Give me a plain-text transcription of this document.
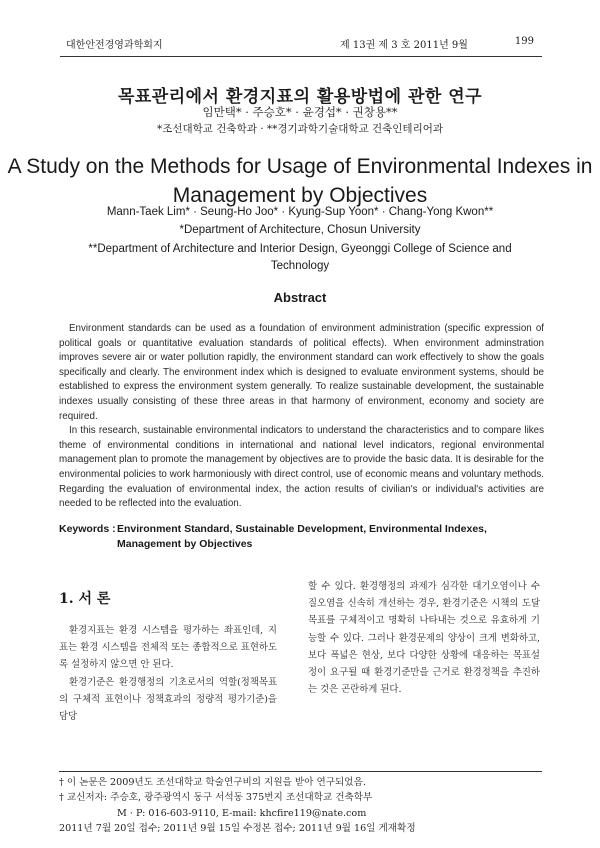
대한안전경영과학회지	제 13권 제 3 호 2011년 9월	199
목표관리에서 환경지표의 활용방법에 관한 연구
임만택* · 주승호* · 윤경섭* · 권창용**
*조선대학교 건축학과 · **경기과학기술대학교 건축인테리어과
A Study on the Methods for Usage of Environmental Indexes in
Management by Objectives
Mann-Taek Lim* · Seung-Ho Joo* · Kyung-Sup Yoon* · Chang-Yong Kwon**
*Department of Architecture, Chosun University
**Department of Architecture and Interior Design, Gyeonggi College of Science and Technology
Abstract

Environment standards can be used as a foundation of environment administration (specific expression of political goals or quantitative evaluation standards of political effects). When environment adminstration improves severe air or water pollution rapidly, the environment standard can work effectively to show the goals specifically and clearly. The environment index which is designed to evaluate environment systems, should be established to express the environment system generally. To realize sustainable development, the sustainable indexes usually consisting of these three areas in that harmony of environment, economy and society are required.

In this research, sustainable environmental indicators to understand the characteristics and to compare likes theme of environmental conditions in international and national level indicators, regional environmental management plan to promote the management by objectives are to provide the basic data. It is desirable for the environmental policies to work harmoniously with direct control, use of economic means and voluntary methods. Regarding the evaluation of environmental index, the action results of civilian's or individual's activities are needed to be reflected into the evaluation.

Keywords : Environment Standard, Sustainable Development, Environmental Indexes, Management by Objectives
1. 서 론

환경지표는 환경 시스템을 평가하는 좌표인데, 지표는 환경 시스템을 전체적 또는 종합적으로 표현하도록 설정하지 않으면 안 된다.

환경기준은 환경행정의 기초로서의 역할(정책목표의 구체적 표현이나 정책효과의 정량적 평가기준)을 담당

할 수 있다. 환경행정의 과제가 심각한 대기오염이나 수질오염을 신속히 개선하는 경우, 환경기준은 시책의 도달목표를 구체적이고 명확히 나타내는 것으로 유효하게 기능할 수 있다. 그러나 환경문제의 양상이 크게 변화하고, 보다 폭넓은 현상, 보다 다양한 상황에 대응하는 목표설정이 요구될 때 환경기준만을 근거로 환경정책을 추진하는 것은 곤란하게 된다.

† 이 논문은 2009년도 조선대학교 학술연구비의 지원을 받아 연구되었음.

† 교신저자: 주승호, 광주광역시 동구 서석동 375번지 조선대학교 건축학부

M · P: 016-603-9110, E-mail: khcfire119@nate.com

2011년 7월 20일 접수; 2011년 9월 15일 수정본 접수; 2011년 9월 16일 게재확정
